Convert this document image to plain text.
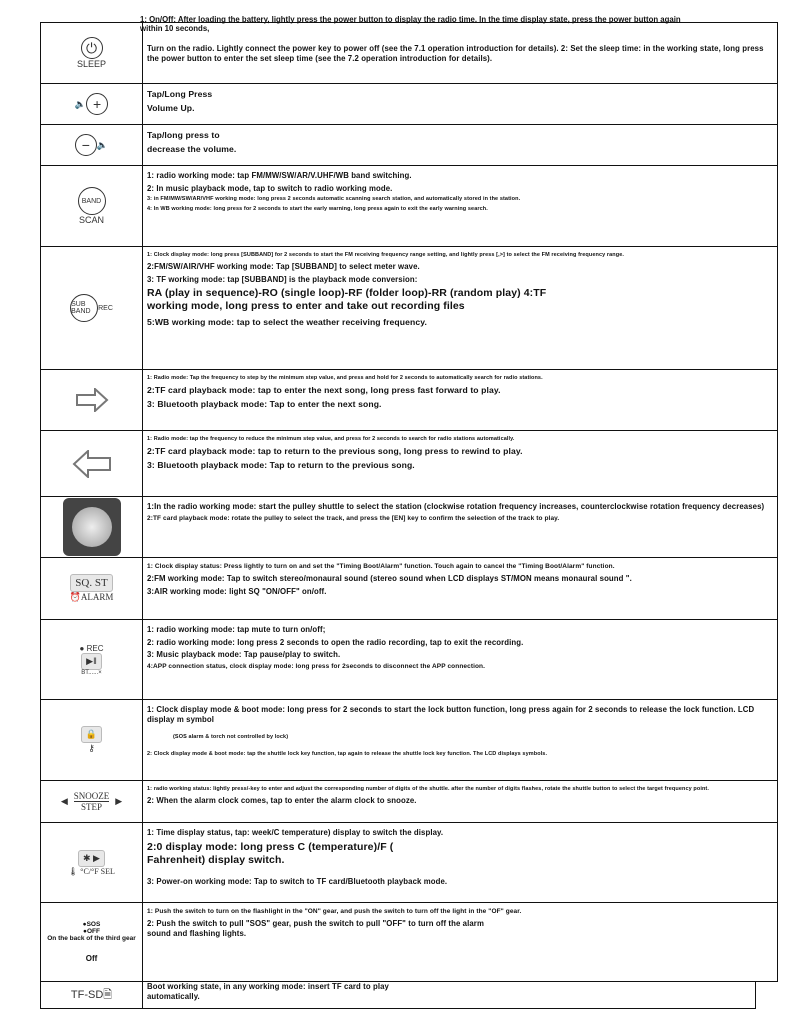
1: On/Off: After loading the battery, lightly press the power button to display the radio time. In the time display state, press the power button again within 10 seconds,
⏻
SLEEP
Turn on the radio. Lightly connect the power key to power off (see the 7.1 operation introduction for details). 2: Set the sleep time: in the working state, long press the power button to enter the set sleep time (see the 7.2 operation introduction for details).
🔈 +
Tap/Long Press
Volume Up.
− 🔈
Tap/long press to
decrease the volume.
BAND
SCAN
1: radio working mode: tap FM/MW/SW/AR/V.UHF/WB band switching.
2: In music playback mode, tap to switch to radio working mode.
3: in FM/MW/SW/AR/VHF working mode: long press 2 seconds automatic scanning search station, and automatically stored in the station.
4: In WB working mode: long press for 2 seconds to start the early warning, long press again to exit the early warning search.
SUB BAND	REC
1: Clock display mode: long press [SUBBAND] for 2 seconds to start the FM receiving frequency range setting, and lightly press [,>] to select the FM receiving frequency range.
2:FM/SW/AIR/VHF working mode: Tap [SUBBAND] to select meter wave.
3: TF working mode: tap [SUBBAND] is the playback mode conversion:
RA (play in sequence)-RO (single loop)-RF (folder loop)-RR (random play) 4:TF working mode, long press to enter and take out recording files
5:WB working mode: tap to select the weather receiving frequency.
1: Radio mode: Tap the frequency to step by the minimum step value, and press and hold for 2 seconds to automatically search for radio stations.
2:TF card playback mode: tap to enter the next song, long press fast forward to play.
3: Bluetooth playback mode: Tap to enter the next song.
1: Radio mode: tap the frequency to reduce the minimum step value, and press for 2 seconds to search for radio stations automatically.
2:TF card playback mode: tap to return to the previous song, long press to rewind to play.
3: Bluetooth playback mode: Tap to return to the previous song.
1:In the radio working mode: start the pulley shuttle to select the station (clockwise rotation frequency increases, counterclockwise rotation frequency decreases)
2:TF card playback mode: rotate the pulley to select the track, and press the [EN] key to confirm the selection of the track to play.
SQ. ST
⏰ALARM
1: Clock display status: Press lightly to turn on and set the "Timing Boot/Alarm" function. Touch again to cancel the "Timing Boot/Alarm" function.
2:FM working mode: Tap to switch stereo/monaural sound (stereo sound when LCD displays ST/MON means monaural sound ".
3:AIR working mode: light SQ "ON/OFF" on/off.
● REC
▶‖
BT......×
1: radio working mode: tap mute to turn on/off;
2: radio working mode: long press 2 seconds to open the radio recording, tap to exit the recording.
3: Music playback mode: Tap pause/play to switch.
4:APP connection status, clock display mode: long press for 2seconds to disconnect the APP connection.
🔒
⚷
1: Clock display mode & boot mode: long press for 2 seconds to start the lock button function, long press again for 2 seconds to release the lock function. LCD display m symbol
(SOS alarm & torch not controlled by lock)
2: Clock display mode & boot mode: tap the shuttle lock key function, tap again to release the shuttle lock key function. The LCD displays symbols.
◀ SNOOZE
STEP
▶
1: radio working status: lightly press/-key to enter and adjust the corresponding number of digits of the shuttle. after the number of digits flashes, rotate the shuttle button to select the target frequency point.
2: When the alarm clock comes, tap to enter the alarm clock to snooze.
✱ ▶
🌡 °C/°F SEL
1: Time display status, tap: week/C temperature) display to switch the display.
2:0 display mode: long press C (temperature)/F ( Fahrenheit) display switch.
3: Power-on working mode: Tap to switch to TF card/Bluetooth playback mode.
●SOS
●OFF
On the back of the third gear
Off
1: Push the switch to turn on the flashlight in the "ON" gear, and push the switch to turn off the light in the "OF" gear.
2: Push the switch to pull "SOS" gear, push the switch to pull "OFF" to turn off the alarm sound and flashing lights.
TF-SD 🗎
Boot working state, in any working mode: insert TF card to play automatically.
